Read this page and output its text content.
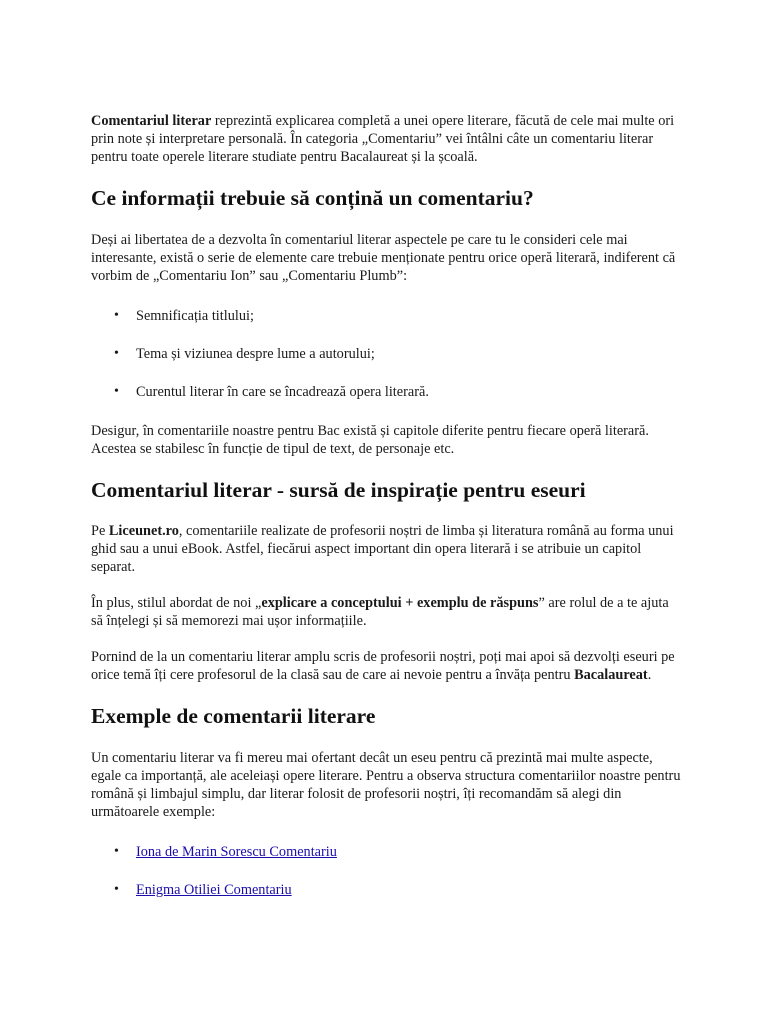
Comentariul literar reprezintă explicarea completă a unei opere literare, făcută de cele mai multe ori prin note și interpretare personală. În categoria „Comentariu” vei întâlni câte un comentariu literar pentru toate operele literare studiate pentru Bacalaureat și la școală.

Ce informații trebuie să conțină un comentariu?

Deși ai libertatea de a dezvolta în comentariul literar aspectele pe care tu le consideri cele mai interesante, există o serie de elemente care trebuie menționate pentru orice operă literară, indiferent că vorbim de „Comentariu Ion” sau „Comentariu Plumb”:

• Semnificația titlului;
• Tema și viziunea despre lume a autorului;
• Curentul literar în care se încadrează opera literară.

Desigur, în comentariile noastre pentru Bac există și capitole diferite pentru fiecare operă literară. Acestea se stabilesc în funcție de tipul de text, de personaje etc.

Comentariul literar - sursă de inspirație pentru eseuri

Pe Liceunet.ro, comentariile realizate de profesorii noștri de limba și literatura română au forma unui ghid sau a unui eBook. Astfel, fiecărui aspect important din opera literară i se atribuie un capitol separat.

În plus, stilul abordat de noi „explicare a conceptului + exemplu de răspuns” are rolul de a te ajuta să înțelegi și să memorezi mai ușor informațiile.

Pornind de la un comentariu literar amplu scris de profesorii noștri, poți mai apoi să dezvolți eseuri pe orice temă îți cere profesorul de la clasă sau de care ai nevoie pentru a învăța pentru Bacalaureat.

Exemple de comentarii literare

Un comentariu literar va fi mereu mai ofertant decât un eseu pentru că prezintă mai multe aspecte, egale ca importanță, ale aceleiași opere literare. Pentru a observa structura comentariilor noastre pentru română și limbajul simplu, dar literar folosit de profesorii noștri, îți recomandăm să alegi din următoarele exemple:

• Iona de Marin Sorescu Comentariu
• Enigma Otiliei Comentariu
